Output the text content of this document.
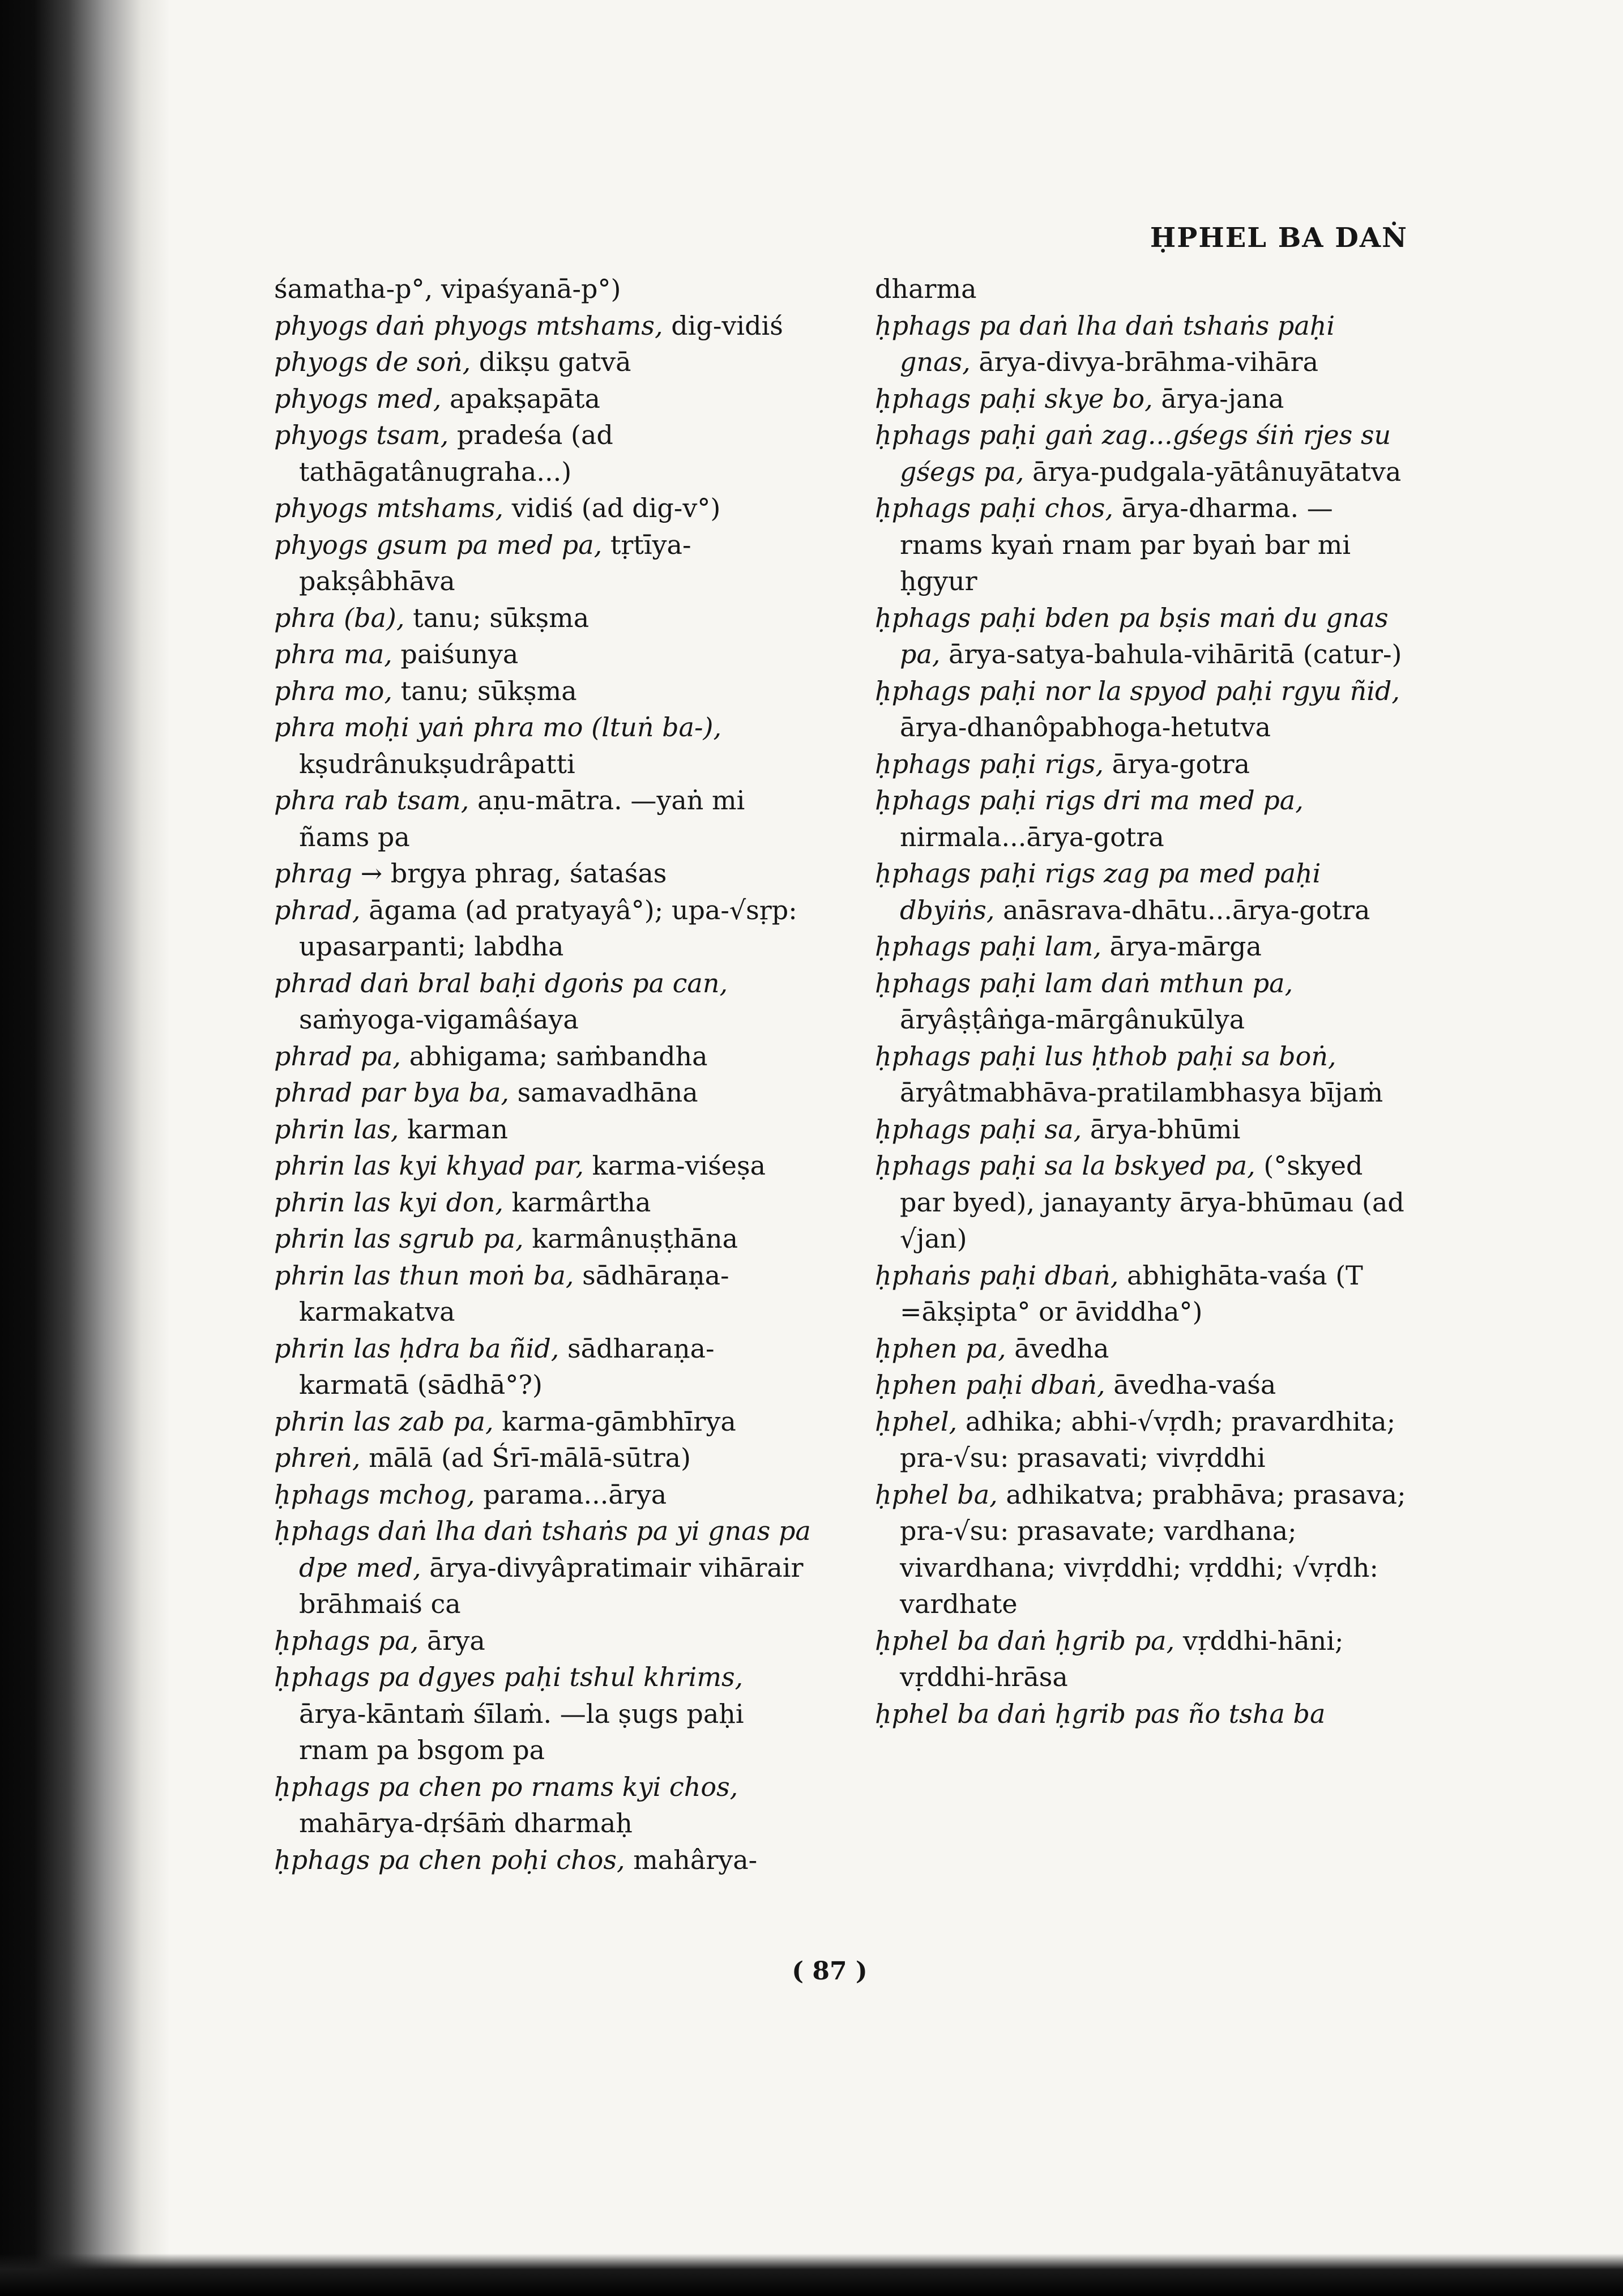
ḤPHEL BA DAṄ
śamatha-p°, vipaśyanā-p°)
phyogs daṅ phyogs mtshams, dig-vidiś
phyogs de soṅ, dikṣu gatvā
phyogs med, apakṣapāta
phyogs tsam, pradeśa (ad tathāgatânugraha...)
phyogs mtshams, vidiś (ad dig-v°)
phyogs gsum pa med pa, tṛtīya-pakṣâbhāva
phra (ba), tanu; sūkṣma
phra ma, paiśunya
phra mo, tanu; sūkṣma
phra moḥi yaṅ phra mo (ltuṅ ba-), kṣudrânukṣudrâpatti
phra rab tsam, aṇu-mātra. —yaṅ mi ñams pa
phrag → brgya phrag, śataśas
phrad, āgama (ad pratyayâ°); upa-√sṛp: upasarpanti; labdha
phrad daṅ bral baḥi dgoṅs pa can, saṁyoga-vigamâśaya
phrad pa, abhigama; saṁbandha
phrad par bya ba, samavadhāna
phrin las, karman
phrin las kyi khyad par, karma-viśeṣa
phrin las kyi don, karmârtha
phrin las sgrub pa, karmânuṣṭhāna
phrin las thun moṅ ba, sādhāraṇa-karmakatva
phrin las ḥdra ba ñid, sādharaṇa-karmatā (sādhā°?)
phrin las zab pa, karma-gāmbhīrya
phreṅ, mālā (ad Śrī-mālā-sūtra)
ḥphags mchog, parama...ārya
ḥphags daṅ lha daṅ tshaṅs pa yi gnas pa dpe med, ārya-divyâpratimair vihārair brāhmaiś ca
ḥphags pa, ārya
ḥphags pa dgyes paḥi tshul khrims, ārya-kāntaṁ śīlaṁ. —la ṣugs paḥi rnam pa bsgom pa
ḥphags pa chen po rnams kyi chos, mahārya-dṛśāṁ dharmaḥ
ḥphags pa chen poḥi chos, mahârya-
dharma
ḥphags pa daṅ lha daṅ tshaṅs paḥi gnas, ārya-divya-brāhma-vihāra
ḥphags paḥi skye bo, ārya-jana
ḥphags paḥi gaṅ zag...gśegs śiṅ rjes su gśegs pa, ārya-pudgala-yātânuyātatva
ḥphags paḥi chos, ārya-dharma. — rnams kyaṅ rnam par byaṅ bar mi ḥgyur
ḥphags paḥi bden pa bṣis maṅ du gnas pa, ārya-satya-bahula-vihāritā (catur-)
ḥphags paḥi nor la spyod paḥi rgyu ñid, ārya-dhanôpabhoga-hetutva
ḥphags paḥi rigs, ārya-gotra
ḥphags paḥi rigs dri ma med pa, nirmala...ārya-gotra
ḥphags paḥi rigs zag pa med paḥi dbyiṅs, anāsrava-dhātu...ārya-gotra
ḥphags paḥi lam, ārya-mārga
ḥphags paḥi lam daṅ mthun pa, āryâṣṭâṅga-mārgânukūlya
ḥphags paḥi lus ḥthob paḥi sa boṅ, āryâtmabhāva-pratilambhasya bījaṁ
ḥphags paḥi sa, ārya-bhūmi
ḥphags paḥi sa la bskyed pa, (°skyed par byed), janayanty ārya-bhūmau (ad √jan)
ḥphaṅs paḥi dbaṅ, abhighāta-vaśa (T =ākṣipta° or āviddha°)
ḥphen pa, āvedha
ḥphen paḥi dbaṅ, āvedha-vaśa
ḥphel, adhika; abhi-√vṛdh; pravardhita; pra-√su: prasavati; vivṛddhi
ḥphel ba, adhikatva; prabhāva; prasava; pra-√su: prasavate; vardhana; vivardhana; vivṛddhi; vṛddhi; √vṛdh: vardhate
ḥphel ba daṅ ḥgrib pa, vṛddhi-hāni; vṛddhi-hrāsa
ḥphel ba daṅ ḥgrib pas ño tsha ba
( 87 )
